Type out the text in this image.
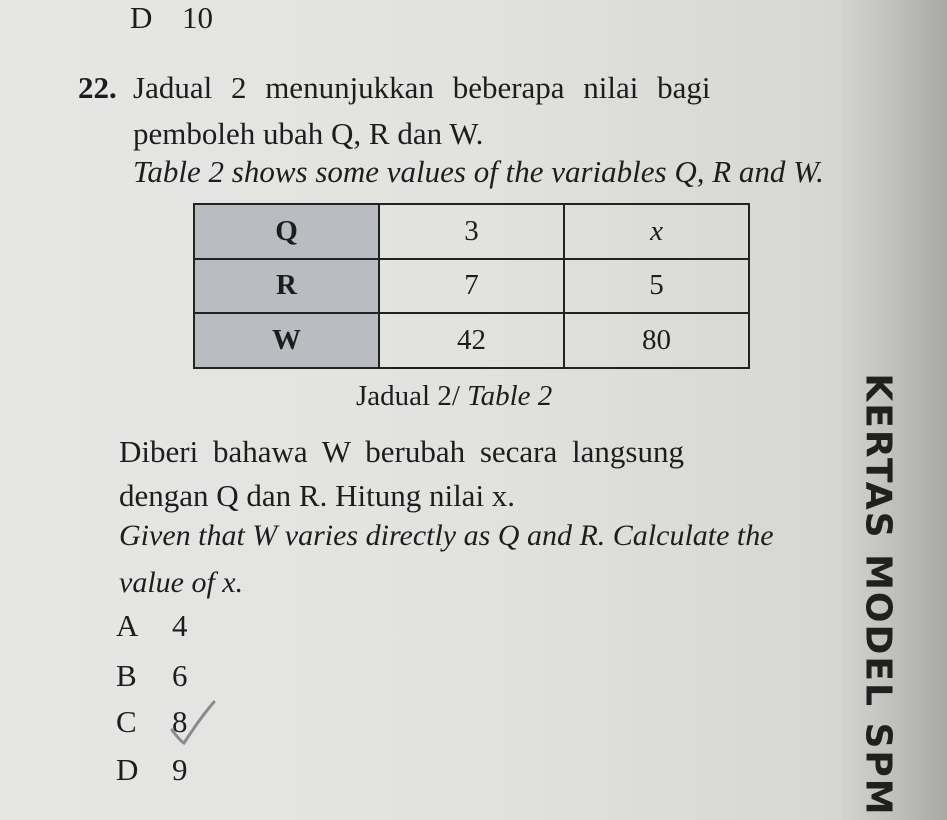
D 10
22. Jadual 2 menunjukkan beberapa nilai bagi
pemboleh ubah Q, R dan W.
Table 2 shows some values of the variables Q, R and W.
Q	3	x
R	7	5
W	42	80
Jadual 2/ Table 2
Diberi bahawa W berubah secara langsung
dengan Q dan R. Hitung nilai x.
Given that W varies directly as Q and R. Calculate the
value of x.
A 4
B 6
C 8
D 9	KERTAS MODEL SPM
